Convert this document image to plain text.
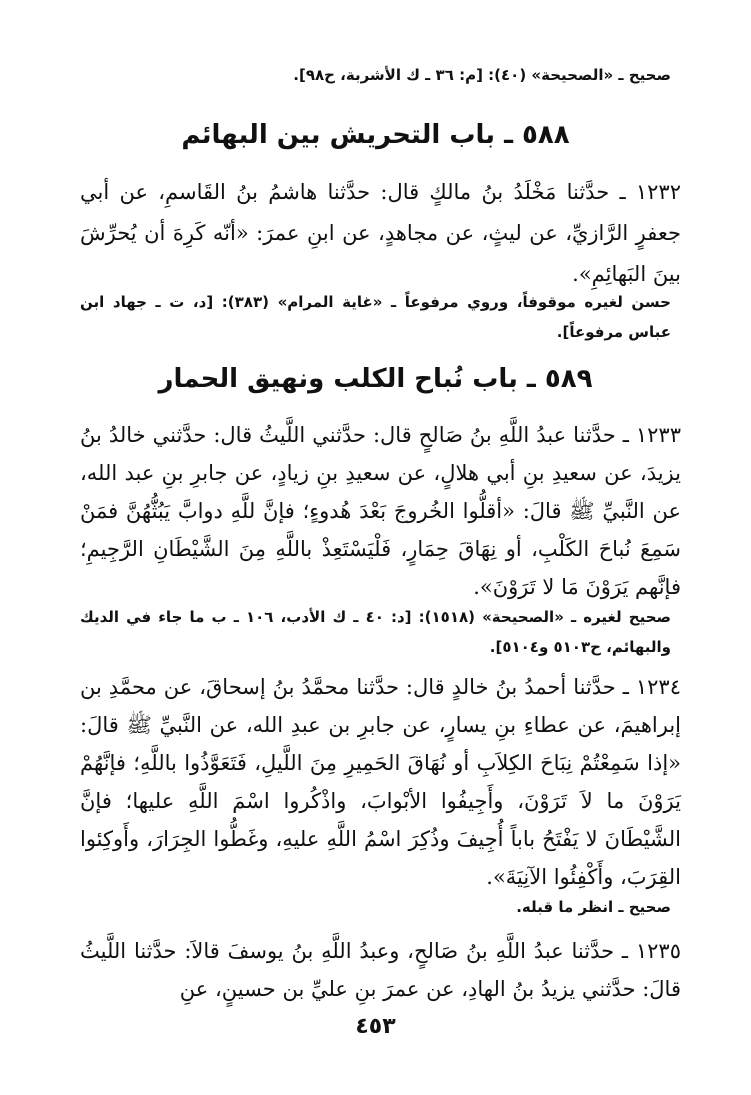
صحيح ـ «الصحيحة» (٤٠): [م: ٣٦ ـ ك الأشربة، ح٩٨].
٥٨٨ ـ باب التحريش بين البهائم
١٢٣٢ ـ حدَّثنا مَخْلَدُ بنُ مالكٍ قال: حدَّثنا هاشمُ بنُ القَاسمِ، عن أبي جعفرٍ الرَّازيِّ، عن ليثٍ، عن مجاهدٍ، عن ابنِ عمرَ: «أنّه كَرِهَ أن يُحرِّشَ بينَ البَهائِمِ».
حسن لغيره موقوفاً، وروي مرفوعاً ـ «غاية المرام» (٣٨٣): [د، ت ـ جهاد ابن عباس مرفوعاً].
٥٨٩ ـ باب نُباح الكلب ونهيق الحمار
١٢٣٣ ـ حدَّثنا عبدُ اللَّهِ بنُ صَالحٍ قال: حدَّثني اللَّيثُ قال: حدَّثني خالدُ بنُ يزيدَ، عن سعيدِ بنِ أبي هلالٍ، عن سعيدِ بنِ زيادٍ، عن جابرِ بنِ عبد الله، عن النَّبيِّ ﷺ قالَ: «أقلُّوا الخُروجَ بَعْدَ هُدوءٍ؛ فإنَّ للَّهِ دوابَّ يَبُثُّهُنَّ فمَنْ سَمِعَ نُباحَ الكَلْبِ، أو نِهَاقَ حِمَارٍ، فَلْيَسْتَعِذْ باللَّهِ مِنَ الشَّيْطَانِ الرَّجِيمِ؛ فإنَّهم يَرَوْنَ مَا لا تَرَوْنَ».
صحيح لغيره ـ «الصحيحة» (١٥١٨): [د: ٤٠ ـ ك الأدب، ١٠٦ ـ ب ما جاء في الديك والبهائم، ح٥١٠٣ و٥١٠٤].
١٢٣٤ ـ حدَّثنا أحمدُ بنُ خالدٍ قال: حدَّثنا محمَّدُ بنُ إسحاقَ، عن محمَّدِ بن إبراهيمَ، عن عطاءِ بنِ يسارٍ، عن جابرِ بن عبدِ الله، عن النَّبيِّ ﷺ قالَ: «إذا سَمِعْتُمْ نِبَاحَ الكِلاَبِ أو نُهَاقَ الحَمِيرِ مِنَ اللَّيلِ، فَتَعَوَّذُوا باللَّهِ؛ فإنَّهُمْ يَرَوْنَ ما لاَ تَرَوْنَ، وأَجِيفُوا الأبْوابَ، واذْكُروا اسْمَ اللَّهِ عليها؛ فإنَّ الشَّيْطَانَ لا يَفْتَحُ باباً أُجِيفَ وذُكِرَ اسْمُ اللَّهِ عليهِ، وغَطُّوا الجِرَارَ، وأَوكِئوا القِرَبَ، وأَكْفِئُوا الآنِيَةَ».
صحيح ـ انظر ما قبله.
١٢٣٥ ـ حدَّثنا عبدُ اللَّهِ بنُ صَالحٍ، وعبدُ اللَّهِ بنُ يوسفَ قالاَ: حدَّثنا اللَّيثُ قالَ: حدَّثني يزيدُ بنُ الهادِ، عن عمرَ بنِ عليِّ بن حسينٍ، عنِ
٤٥٣
